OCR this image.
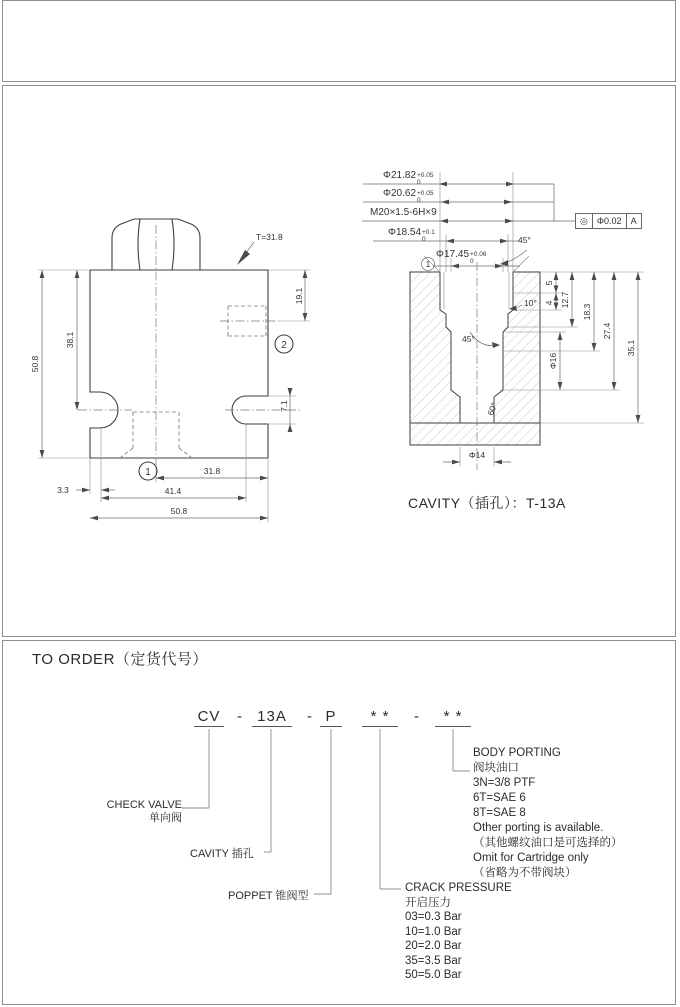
50.8
38.1
19.1
7.1
31.8
3.3	41.4
50.8
T=31.8
1
2
5
4 12.7
18.3
27.4
35.1
Φ16
Φ14
45°
10°
45°
60°
1
Φ21.82 +0.05
0
Φ20.62 +0.05
0
M20×1.5-6H×9
Φ18.54 +0.1
0
Φ17.45 +0.06
0
◎	Φ0.02	A
CAVITY（插孔）：T-13A
TO ORDER（定货代号）
CV - 13A	- P	* *	-	* *
CHECK VALVE
单向阀
CAVITY 插孔
POPPET 锥阀型
CRACK PRESSURE
开启压力
03=0.3 Bar
10=1.0 Bar
20=2.0 Bar
35=3.5 Bar
50=5.0 Bar
BODY PORTING
阀块油口
3N=3/8 PTF
6T=SAE 6
8T=SAE 8
Other porting is available.
（其他螺纹油口是可选择的）
Omit for Cartridge only
（省略为不带阀块）
